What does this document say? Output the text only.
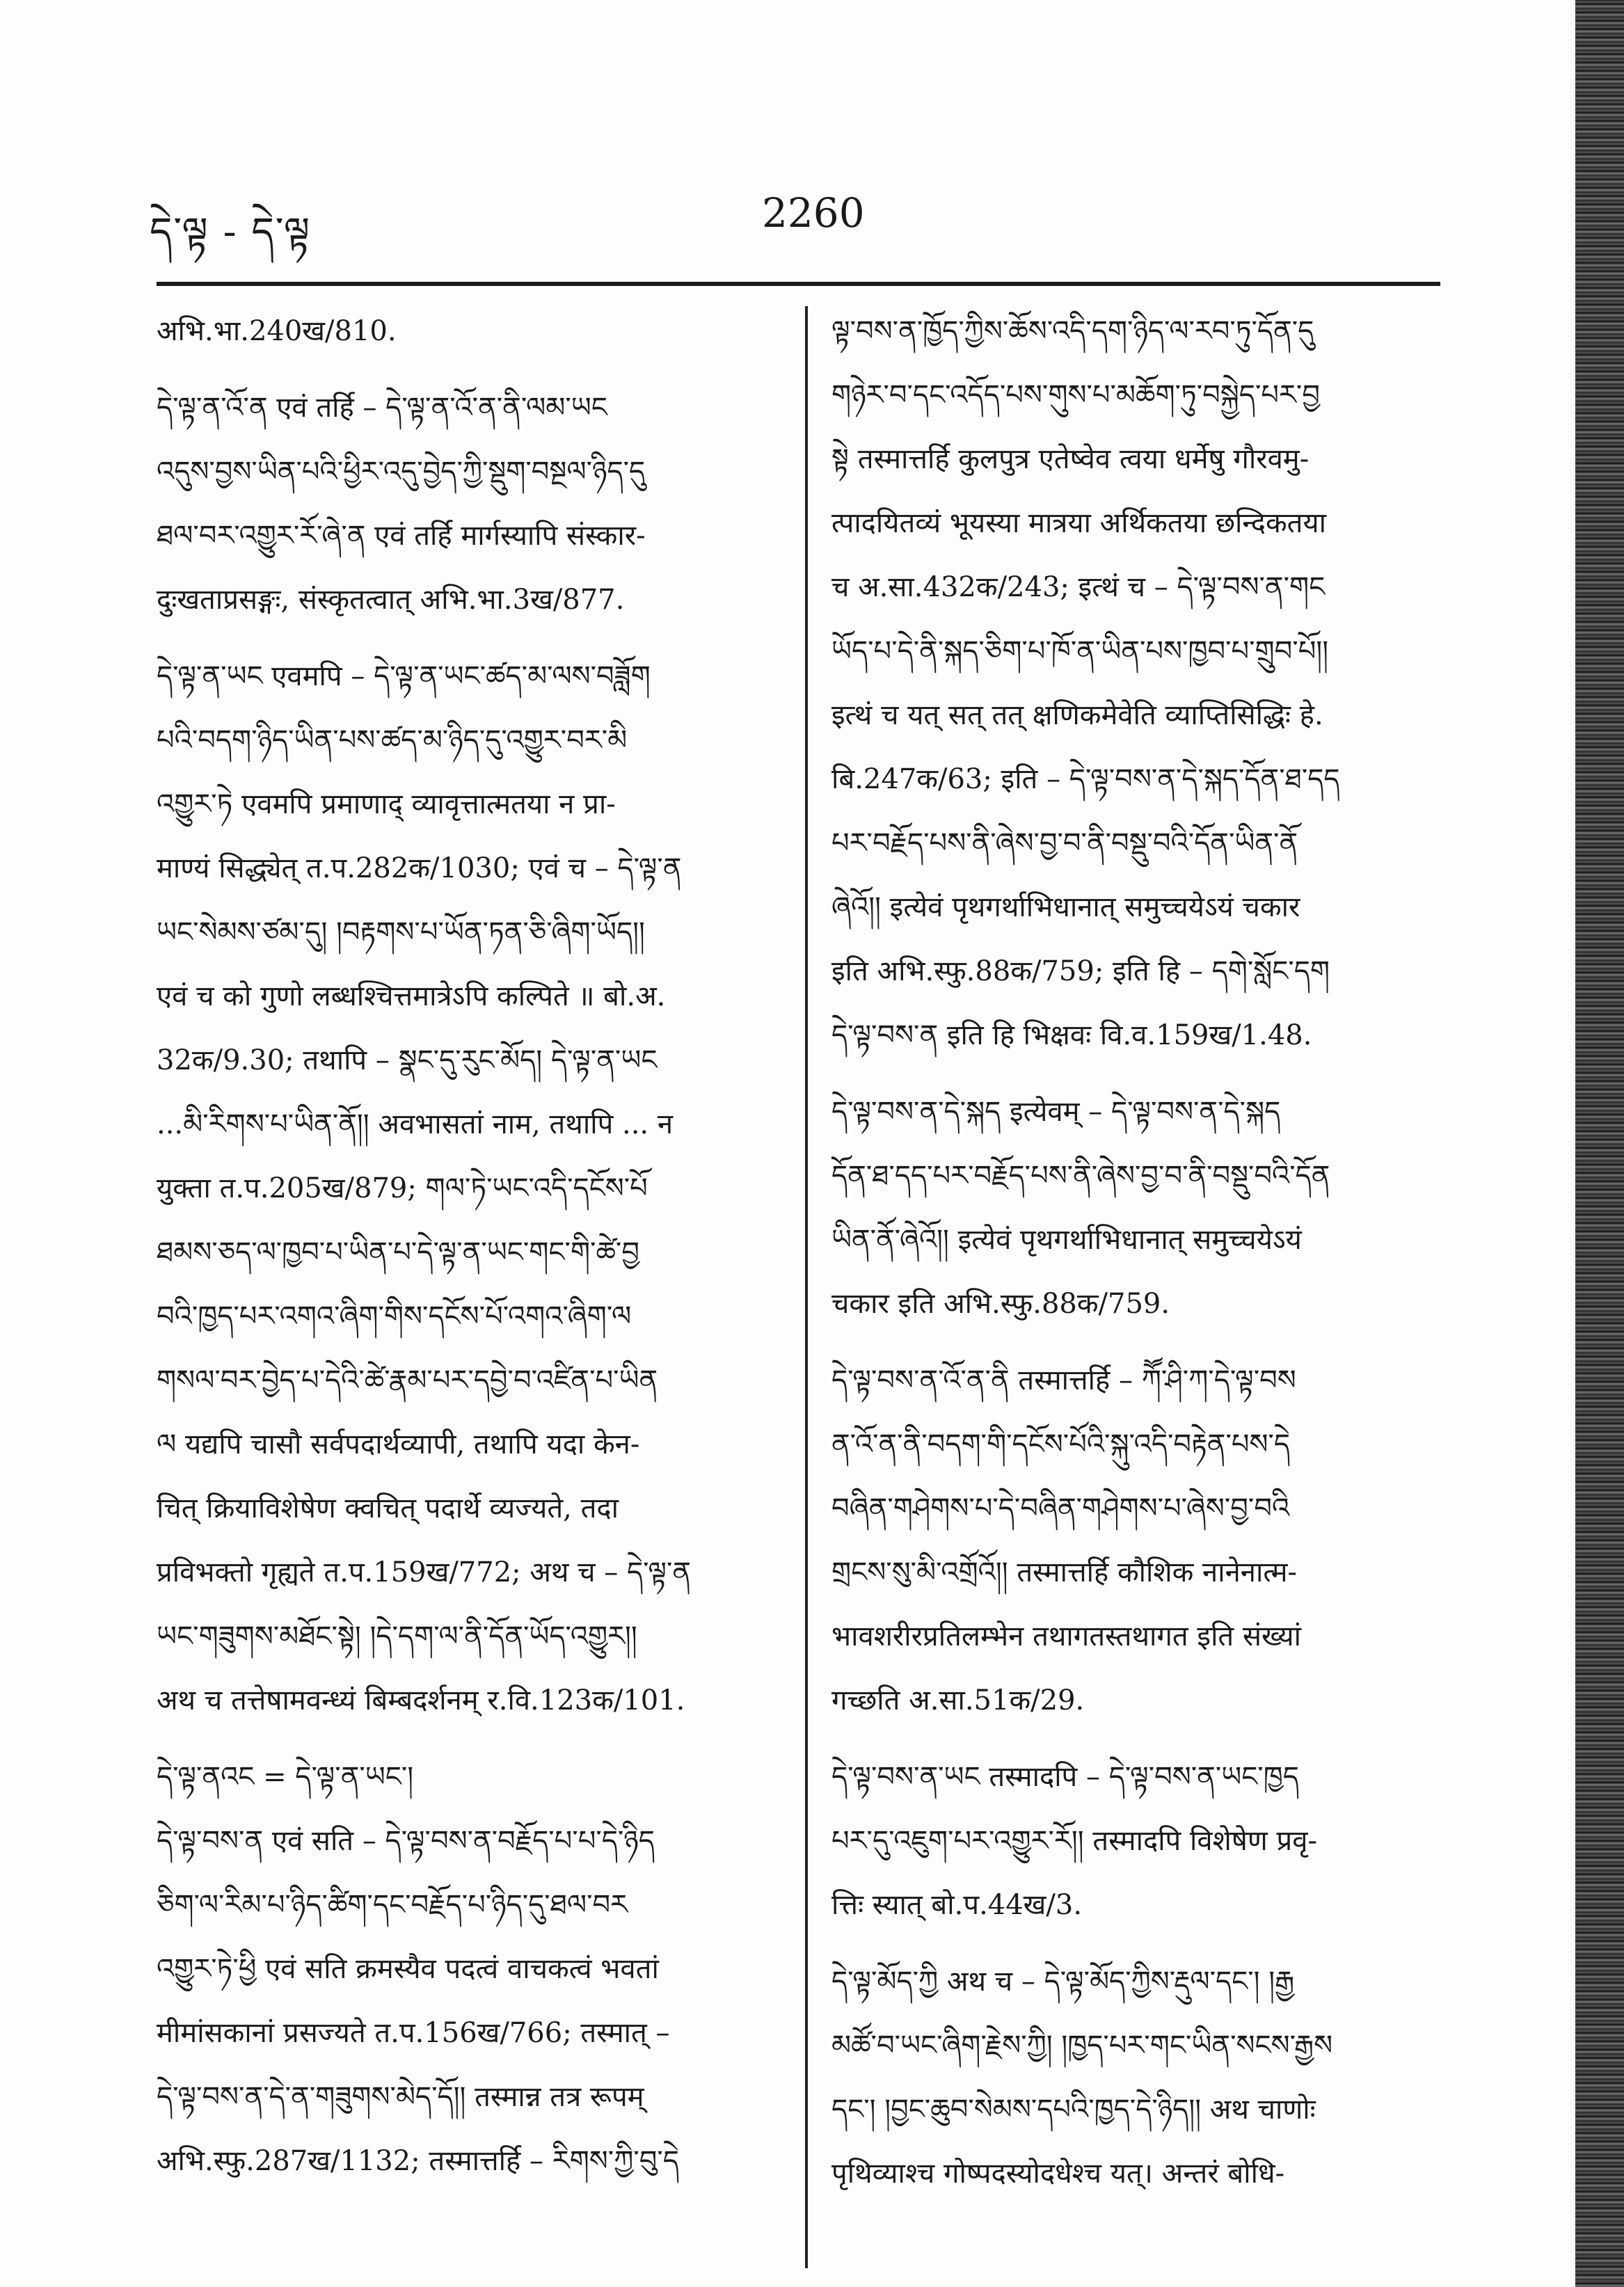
དེ་ལྟ - དེ་ལྟ	2260
अभि.भा.240ख/810.
དེ་ལྟ་ན་འོ་ན एवं तर्हि – དེ་ལྟ་ན་འོ་ན་ནི་ལམ་ཡང
འདུས་བྱས་ཡིན་པའི་ཕྱིར་འདུ་བྱེད་ཀྱི་སྡུག་བསྔལ་ཉིད་དུ
ཐལ་བར་འགྱུར་རོ་ཞེ་ན एवं तर्हि मार्गस्यापि संस्कार-
दुःखताप्रसङ्गः, संस्कृतत्वात् अभि.भा.3ख/877.
དེ་ལྟ་ན་ཡང एवमपि – དེ་ལྟ་ན་ཡང་ཚད་མ་ལས་བཟློག
པའི་བདག་ཉིད་ཡིན་པས་ཚད་མ་ཉིད་དུ་འགྱུར་བར་མི
འགྱུར་ཏེ एवमपि प्रमाणाद् व्यावृत्तात्मतया न प्रा-
माण्यं सिद्ध्येत् त.प.282क/1030; एवं च – དེ་ལྟ་ན
ཡང་སེམས་ཙམ་དུ། །བརྟགས་པ་ཡོན་ཏན་ཅི་ཞིག་ཡོད།།
एवं च को गुणो लब्धश्चित्तमात्रेऽपि कल्पिते ॥ बो.अ.
32क/9.30; तथापि – སྣང་དུ་རུང་མོད། དེ་ལྟ་ན་ཡང
...མི་རིགས་པ་ཡིན་ནོ།། अवभासतां नाम, तथापि ... न
युक्ता त.प.205ख/879; གལ་ཏེ་ཡང་འདི་དངོས་པོ
ཐམས་ཅད་ལ་ཁྱབ་པ་ཡིན་པ་དེ་ལྟ་ན་ཡང་གང་གི་ཚེ་བྱ
བའི་ཁྱད་པར་འགའ་ཞིག་གིས་དངོས་པོ་འགའ་ཞིག་ལ
གསལ་བར་བྱེད་པ་དེའི་ཚེ་རྣམ་པར་དབྱེ་བ་འཛིན་པ་ཡིན
ལ यद्यपि चासौ सर्वपदार्थव्यापी, तथापि यदा केन-
चित् क्रियाविशेषेण क्वचित् पदार्थे व्यज्यते, तदा
प्रविभक्तो गृह्यते त.प.159ख/772; अथ च – དེ་ལྟ་ན
ཡང་གཟུགས་མཐོང་སྟེ། །དེ་དག་ལ་ནི་དོན་ཡོད་འགྱུར།།
अथ च तत्तेषामवन्ध्यं बिम्बदर्शनम् र.वि.123क/101.
དེ་ལྟ་ནའང = དེ་ལྟ་ན་ཡང་།
དེ་ལྟ་བས་ན एवं सति – དེ་ལྟ་བས་ན་བརྗོད་པ་པ་དེ་ཉིད
ཅིག་ལ་རིམ་པ་ཉིད་ཚིག་དང་བརྗོད་པ་ཉིད་དུ་ཐལ་བར
འགྱུར་ཏེ་ཕྱི एवं सति क्रमस्यैव पदत्वं वाचकत्वं भवतां
मीमांसकानां प्रसज्यते त.प.156ख/766; तस्मात् –
དེ་ལྟ་བས་ན་དེ་ན་གཟུགས་མེད་དོ།། तस्मान्न तत्र रूपम्
अभि.स्फु.287ख/1132; तस्मात्तर्हि – རིགས་ཀྱི་བུ་དེ
ལྟ་བས་ན་ཁྱོད་ཀྱིས་ཆོས་འདི་དག་ཉིད་ལ་རབ་ཏུ་དོན་དུ
གཉེར་བ་དང་འདོད་པས་གུས་པ་མཆོག་ཏུ་བསྐྱེད་པར་བྱ
སྟེ तस्मात्तर्हि कुलपुत्र एतेष्वेव त्वया धर्मेषु गौरवमु-
त्पादयितव्यं भूयस्या मात्रया अर्थिकतया छन्दिकतया
च अ.सा.432क/243; इत्थं च – དེ་ལྟ་བས་ན་གང
ཡོད་པ་དེ་ནི་སྐད་ཅིག་པ་ཁོ་ན་ཡིན་པས་ཁྱབ་པ་གྲུབ་པོ།།
इत्थं च यत् सत् तत् क्षणिकमेवेति व्याप्तिसिद्धिः हे.
बि.247क/63; इति – དེ་ལྟ་བས་ན་དེ་སྐད་དོན་ཐ་དད
པར་བརྗོད་པས་ནི་ཞེས་བྱ་བ་ནི་བསྡུ་བའི་དོན་ཡིན་ནོ
ཞེའོ།། इत्येवं पृथगर्थाभिधानात् समुच्चयेऽयं चकार
इति अभि.स्फु.88क/759; इति हि – དགེ་སློང་དག
དེ་ལྟ་བས་ན इति हि भिक्षवः वि.व.159ख/1.48.
དེ་ལྟ་བས་ན་དེ་སྐད इत्येवम् – དེ་ལྟ་བས་ན་དེ་སྐད
དོན་ཐ་དད་པར་བརྗོད་པས་ནི་ཞེས་བྱ་བ་ནི་བསྡུ་བའི་དོན
ཡིན་ནོ་ཞེའོ།། इत्येवं पृथगर्थाभिधानात् समुच्चयेऽयं
चकार इति अभि.स्फु.88क/759.
དེ་ལྟ་བས་ན་འོ་ན་ནི तस्मात्तर्हि – ཀཽ་ཤི་ཀ་དེ་ལྟ་བས
ན་འོ་ན་ནི་བདག་གི་དངོས་པོའི་སྐུ་འདི་བརྟེན་པས་དེ
བཞིན་གཤེགས་པ་དེ་བཞིན་གཤེགས་པ་ཞེས་བྱ་བའི
གྲངས་སུ་མི་འགྲོའོ།། तस्मात्तर्हि कौशिक नानेनात्म-
भावशरीरप्रतिलम्भेन तथागतस्तथागत इति संख्यां
गच्छति अ.सा.51क/29.
དེ་ལྟ་བས་ན་ཡང तस्मादपि – དེ་ལྟ་བས་ན་ཡང་ཁྱད
པར་དུ་འཇུག་པར་འགྱུར་རོ།། तस्मादपि विशेषेण प्रवृ-
त्तिः स्यात् बो.प.44ख/3.
དེ་ལྟ་མོད་ཀྱི अथ च – དེ་ལྟ་མོད་ཀྱིས་རྡུལ་དང་། །རྒྱ
མཚོ་བ་ཡང་ཞིག་རྗེས་ཀྱི། །ཁྱད་པར་གང་ཡིན་སངས་རྒྱས
དང་། །བྱང་ཆུབ་སེམས་དཔའི་ཁྱད་དེ་ཉིད།། अथ चाणोः
पृथिव्याश्च गोष्पदस्योदधेश्च यत्। अन्तरं बोधि-
